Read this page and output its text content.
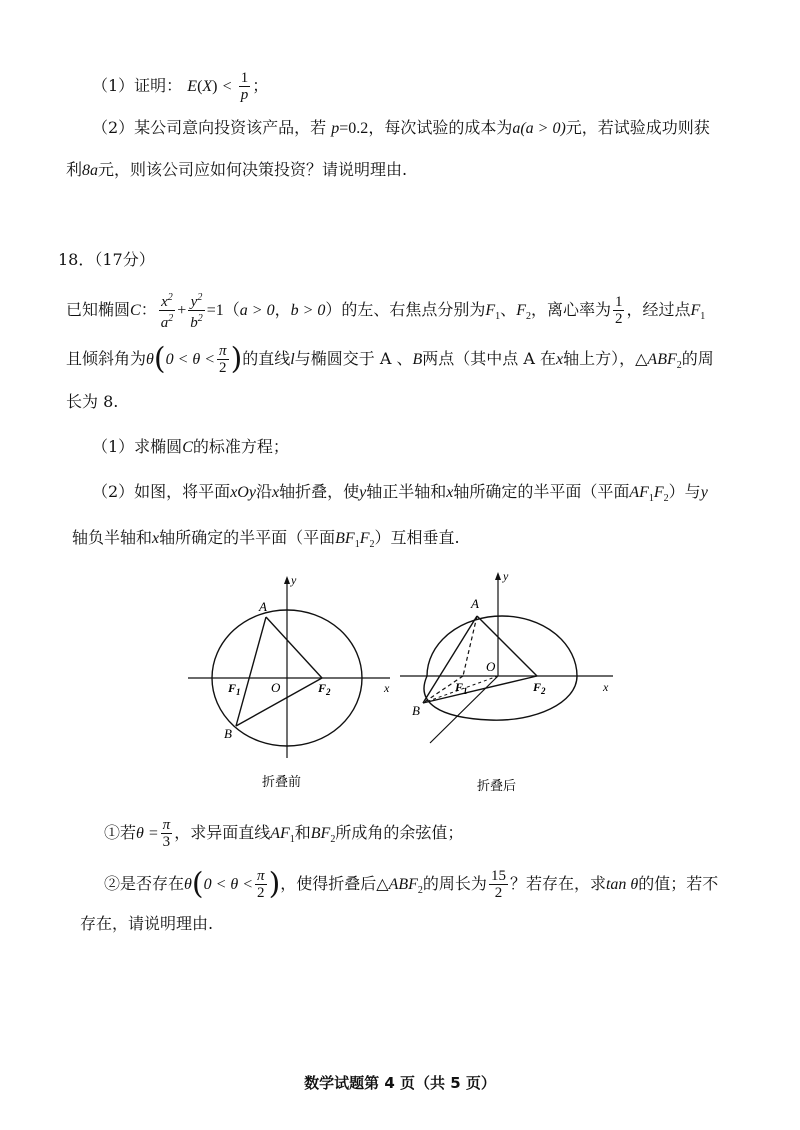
（1）证明： $E(X) < \frac{1}{p}$ ；
（2）某公司意向投资该产品，若 p=0.2，每次试验的成本为a(a > 0)元，若试验成功则获
利8a元，则该公司应如何决策投资？请说明理由.
18．（17分）
已知椭圆C： $\frac{x^2}{a^2} + \frac{y^2}{b^2} =1(a > 0$，b > 0）的左、右焦点分别为$F_1$、$F_2$，离心率为 $\frac{1}{2}$ ，经过点$F_1$
且倾斜角为$\theta(0 < \theta < \frac{\pi}{2}$ )的直线l与椭圆交于 A 、B两点（其中点 A 在x轴上方），$\triangle ABF_2$的周
长为 8.
（1）求椭圆C的标准方程；
（2）如图，将平面xOy沿x轴折叠，使y轴正半轴和x轴所确定的半平面（平面$AF_1F_2$）与y
轴负半轴和x轴所确定的半平面（平面$BF_1F_2$）互相垂直.
A
B
O
$F_1$	$F_2$	x
y
折叠前
A
B
O
$F_1$	$F_2$	x
y
折叠后
①若$\theta = \frac{\pi}{3}$ ，求异面直线$AF_1$和$BF_2$所成角的余弦值；
②是否存在$\theta(0 < \theta < \frac{\pi}{2}$ )，使得折叠后$\triangle ABF_2$的周长为 $\frac{15}{2}$ ？若存在，求tan θ的值；若不
存在，请说明理由.
数学试题第 4 页（共 5 页）
